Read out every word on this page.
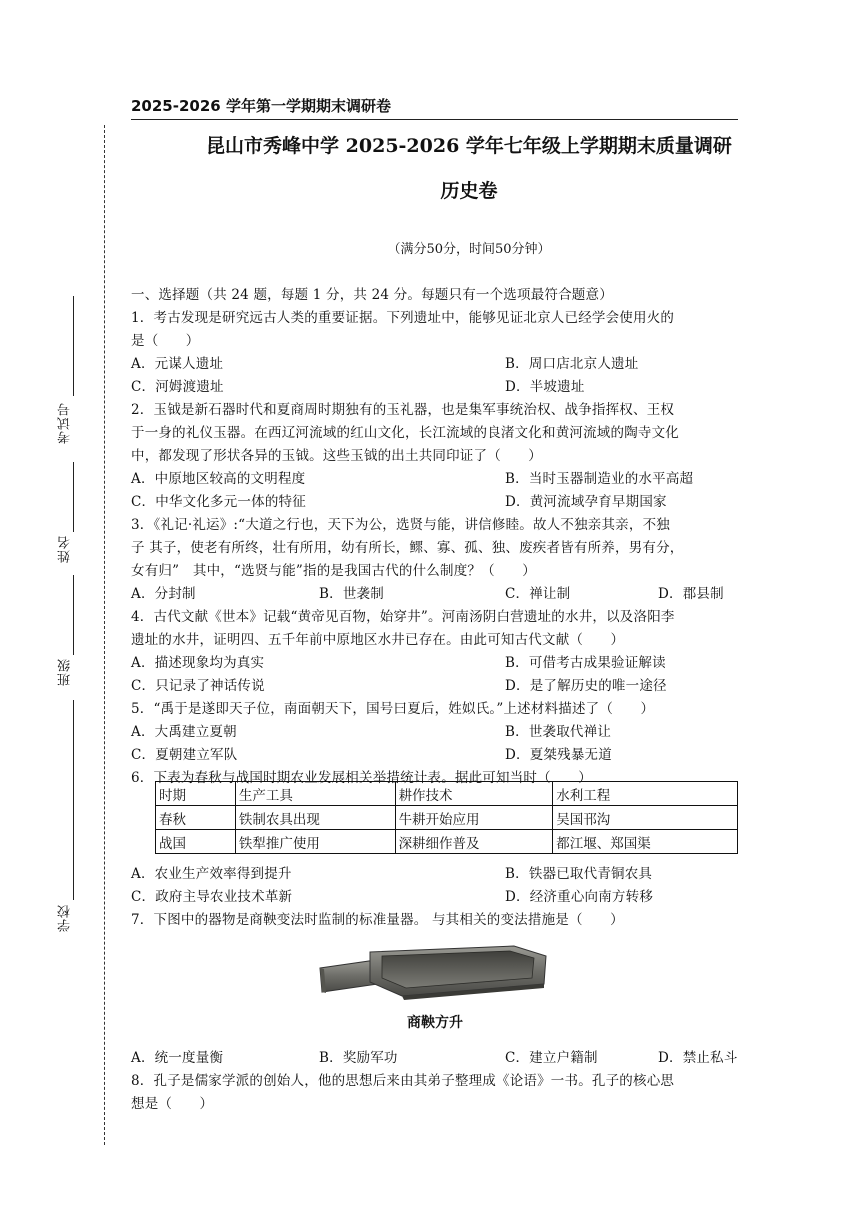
2025-2026 学年第一学期期末调研卷
昆山市秀峰中学 2025-2026 学年七年级上学期期末质量调研
历史卷
（满分50分，时间50分钟）
考试号
姓名
班级
学校
一、选择题（共 24 题，每题 1 分，共 24 分。每题只有一个选项最符合题意）
1．考古发现是研究远古人类的重要证据。下列遗址中，能够见证北京人已经学会使用火的
是（　　）
A．元谋人遗址	B．周口店北京人遗址
C．河姆渡遗址	D．半坡遗址
2．玉钺是新石器时代和夏商周时期独有的玉礼器，也是集军事统治权、战争指挥权、王权
于一身的礼仪玉器。在西辽河流域的红山文化，长江流域的良渚文化和黄河流域的陶寺文化
中，都发现了形状各异的玉钺。这些玉钺的出土共同印证了（　　）
A．中原地区较高的文明程度	B．当时玉器制造业的水平高超
C．中华文化多元一体的特征	D．黄河流域孕育早期国家
3．《礼记·礼运》:“大道之行也，天下为公，选贤与能，讲信修睦。故人不独亲其亲，不独
子 其子，使老有所终，壮有所用，幼有所长，鳏、寡、孤、独、废疾者皆有所养，男有分，
女有归”　其中，“选贤与能”指的是我国古代的什么制度？（　　）
A．分封制	B．世袭制	C．禅让制	D．郡县制
4．古代文献《世本》记载“黄帝见百物，始穿井”。河南汤阴白营遗址的水井，以及洛阳李
遗址的水井，证明四、五千年前中原地区水井已存在。由此可知古代文献（　　）
A．描述现象均为真实	B．可借考古成果验证解读
C．只记录了神话传说	D．是了解历史的唯一途径
5．“禹于是遂即天子位，南面朝天下，国号曰夏后，姓姒氏。”上述材料描述了（　　）
A．大禹建立夏朝	B．世袭取代禅让
C．夏朝建立军队	D．夏桀残暴无道
6．下表为春秋与战国时期农业发展相关举措统计表。据此可知当时（　　）
时期	生产工具	耕作技术	水利工程
春秋	铁制农具出现	牛耕开始应用	吴国邗沟
战国	铁犁推广使用	深耕细作普及	都江堰、郑国渠
A．农业生产效率得到提升	B．铁器已取代青铜农具
C．政府主导农业技术革新	D．经济重心向南方转移
7．下图中的器物是商鞅变法时监制的标准量器。 与其相关的变法措施是（　　）
商鞅方升
A．统一度量衡	B．奖励军功	C．建立户籍制	D．禁止私斗
8．孔子是儒家学派的创始人，他的思想后来由其弟子整理成《论语》一书。孔子的核心思
想是（　　）
